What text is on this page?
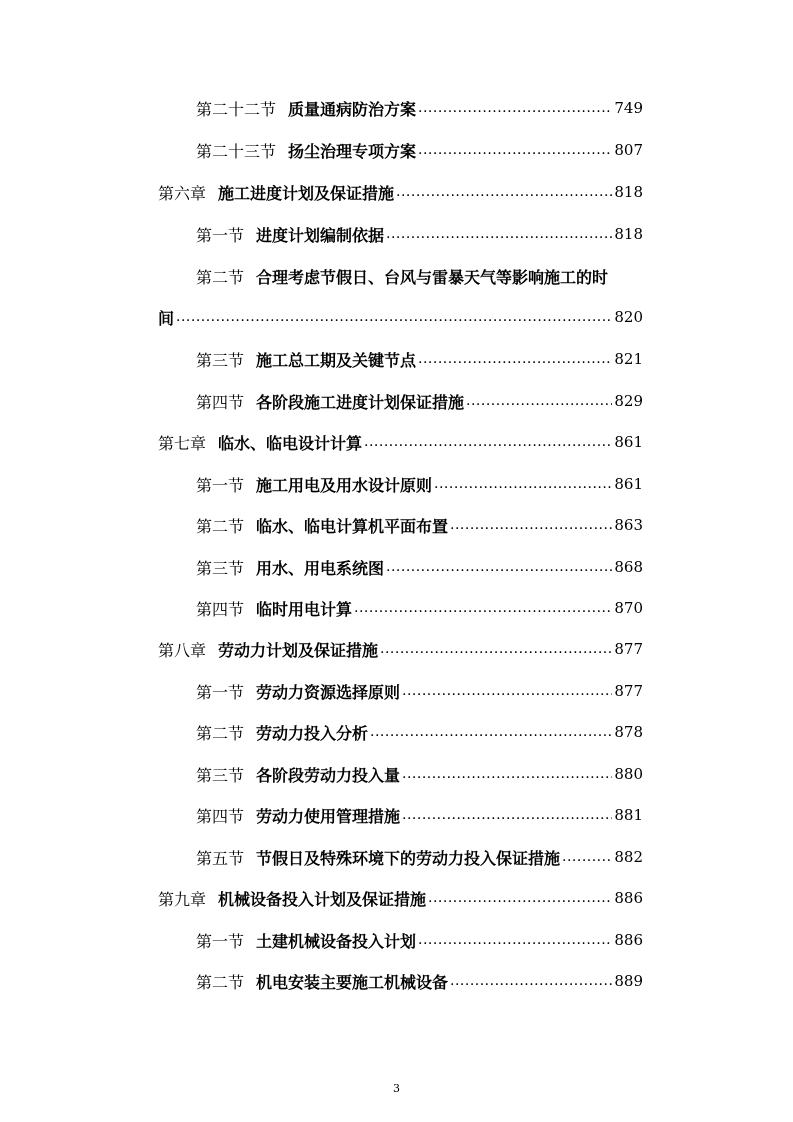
第二十二节 质量通病防治方案 .....	749
第二十三节 扬尘治理专项方案 .....	807
第六章 施工进度计划及保证措施 .....	818
第一节 进度计划编制依据 .....	818
第二节 合理考虑节假日、台风与雷暴天气等影响施工的时
间 .....	820
第三节 施工总工期及关键节点 .....	821
第四节 各阶段施工进度计划保证措施 .....	829
第七章 临水、临电设计计算 .....	861
第一节 施工用电及用水设计原则 .....	861
第二节 临水、临电计算机平面布置 .....	863
第三节 用水、用电系统图 .....	868
第四节 临时用电计算 .....	870
第八章 劳动力计划及保证措施 .....	877
第一节 劳动力资源选择原则 .....	877
第二节 劳动力投入分析 .....	878
第三节 各阶段劳动力投入量 .....	880
第四节 劳动力使用管理措施 .....	881
第五节 节假日及特殊环境下的劳动力投入保证措施 .....	882
第九章 机械设备投入计划及保证措施 .....	886
第一节 土建机械设备投入计划 .....	886
第二节 机电安装主要施工机械设备 .....	889
3
